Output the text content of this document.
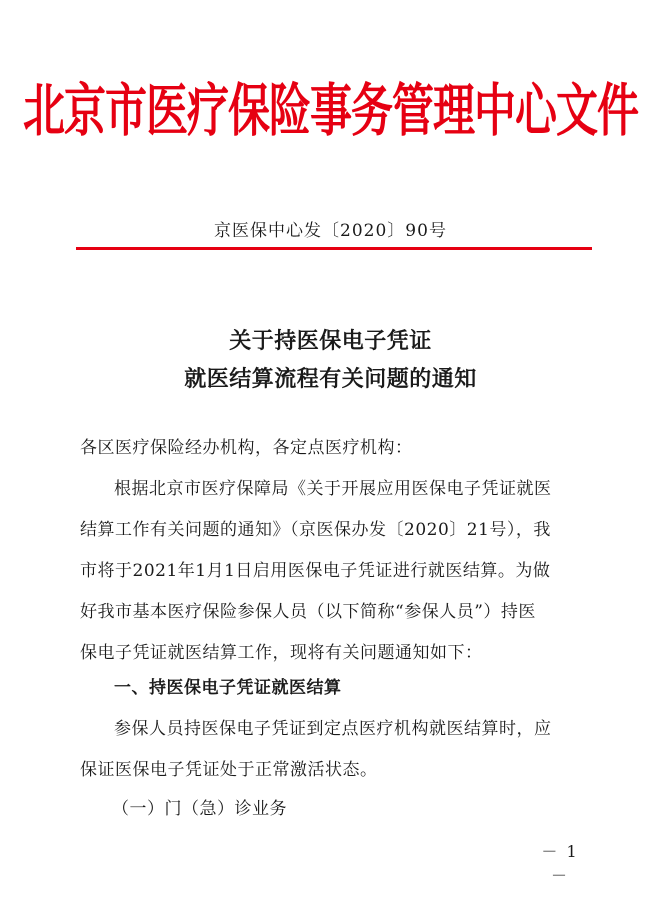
北京市医疗保险事务管理中心文件
京医保中心发〔2020〕90号
关于持医保电子凭证
就医结算流程有关问题的通知
各区医疗保险经办机构，各定点医疗机构：
根据北京市医疗保障局《关于开展应用医保电子凭证就医
结算工作有关问题的通知》（京医保办发〔2020〕21号），我
市将于2021年1月1日启用医保电子凭证进行就医结算。为做
好我市基本医疗保险参保人员（以下简称“参保人员”）持医
保电子凭证就医结算工作，现将有关问题通知如下：
一、持医保电子凭证就医结算
参保人员持医保电子凭证到定点医疗机构就医结算时，应
保证医保电子凭证处于正常激活状态。
（一）门（急）诊业务
－ 1 －
